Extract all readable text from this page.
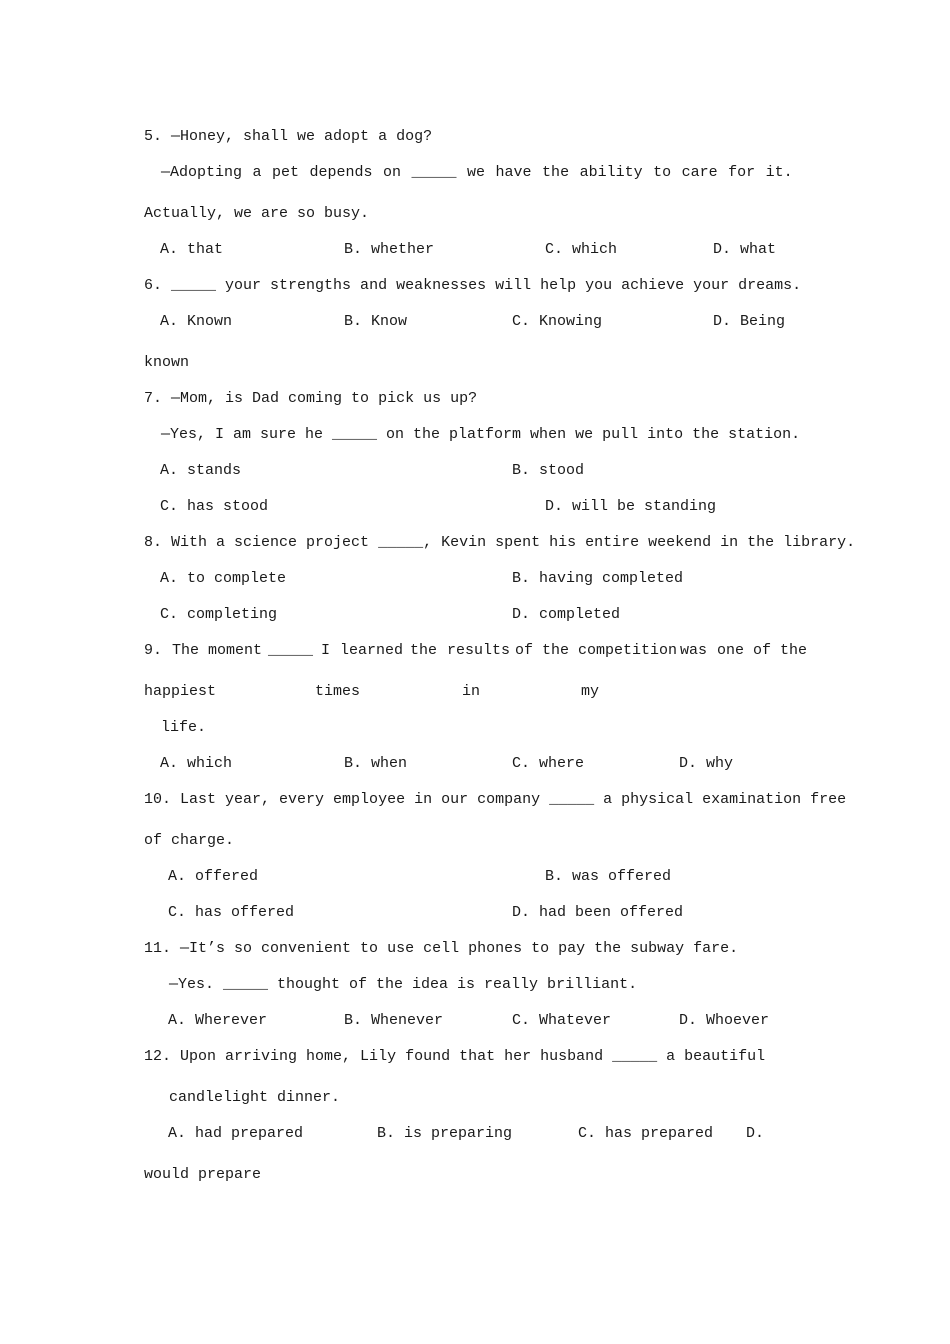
5. —Honey, shall we adopt a dog?
—Adopting a pet depends on _____ we have the ability to care for it.
Actually, we are so busy.
A. that	B. whether	C. which	D. what
6. _____ your strengths and weaknesses will help you achieve your dreams.
A. Known	B. Know	C. Knowing	D. Being
known
7. —Mom, is Dad coming to pick us up?
—Yes, I am sure he _____ on the platform when we pull into the station.
A. stands	B. stood
C. has stood	D. will be standing
8. With a science project _____, Kevin spent his entire weekend in the library.
A. to complete	B. having completed
C. completing	D. completed
9. The moment _____ I learned the results of the competition was one of the
happiest	times	in	my
life.
A. which	B. when	C. where	D. why
10. Last year, every employee in our company _____ a physical examination free
of charge.
A. offered	B. was offered
C. has offered	D. had been offered
11. —It’s so convenient to use cell phones to pay the subway fare.
—Yes. _____ thought of the idea is really brilliant.
A. Wherever	B. Whenever	C. Whatever	D. Whoever
12. Upon arriving home, Lily found that her husband _____ a beautiful
candlelight dinner.
A. had prepared	B. is preparing	C. has prepared D.
would prepare
